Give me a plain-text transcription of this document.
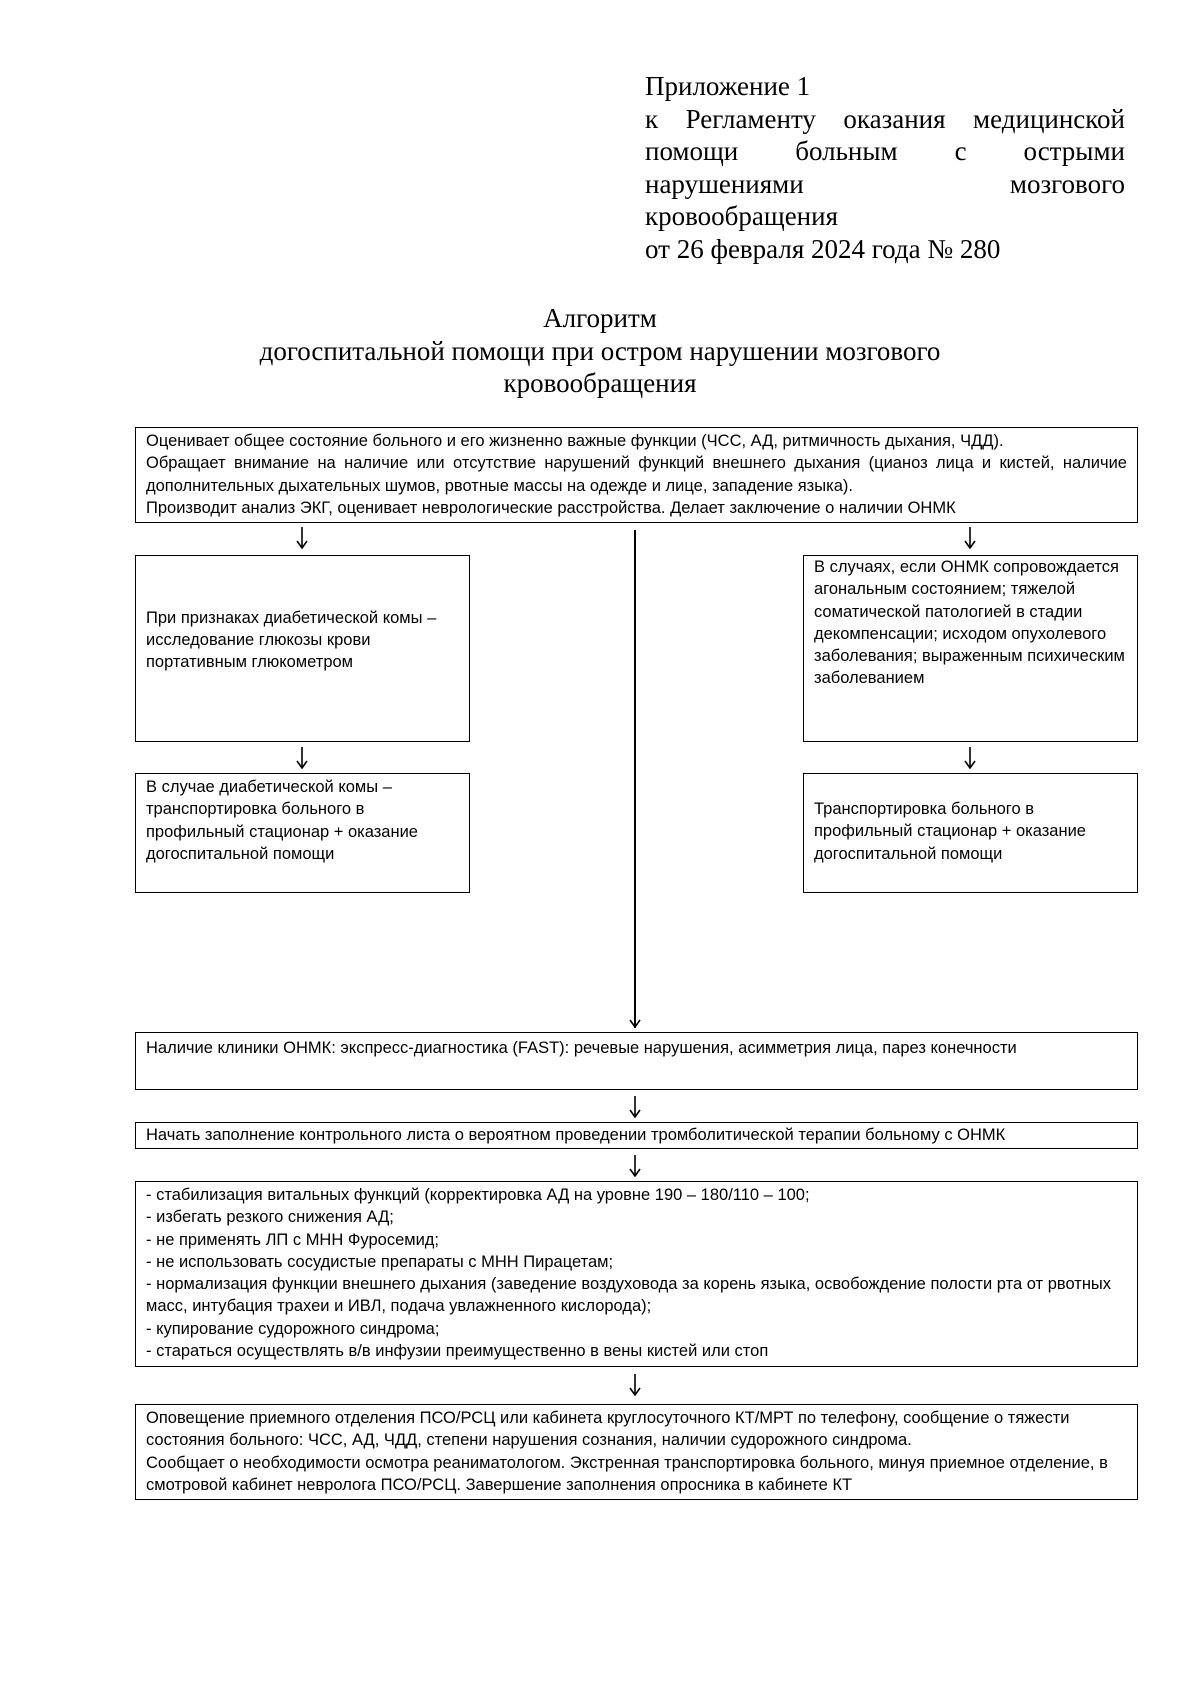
Приложение 1
к Регламенту оказания медицинской
помощи больным с острыми
нарушениями мозгового
кровообращения
от 26 февраля 2024 года № 280
Алгоритм
догоспитальной помощи при остром нарушении мозгового
кровообращения
Оценивает общее состояние больного и его жизненно важные функции (ЧСС, АД, ритмичность дыхания, ЧДД).
Обращает внимание на наличие или отсутствие нарушений функций внешнего дыхания (цианоз лица и кистей, наличие дополнительных дыхательных шумов, рвотные массы на одежде и лице, западение языка).
Производит анализ ЭКГ, оценивает неврологические расстройства. Делает заключение о наличии ОНМК
При признаках диабетической комы – исследование глюкозы крови портативным глюкометром
В случае диабетической комы – транспортировка больного в профильный стационар + оказание догоспитальной помощи
В случаях, если ОНМК сопровождается агональным состоянием; тяжелой соматической патологией в стадии декомпенсации; исходом опухолевого заболевания; выраженным психическим заболеванием
Транспортировка больного в профильный стационар + оказание догоспитальной помощи
Наличие клиники ОНМК: экспресс-диагностика (FAST): речевые нарушения, асимметрия лица, парез конечности
Начать заполнение контрольного листа о вероятном проведении тромболитической терапии больному с ОНМК
- стабилизация витальных функций (корректировка АД на уровне 190 – 180/110 – 100;
- избегать резкого снижения АД;
- не применять ЛП с МНН Фуросемид;
- не использовать сосудистые препараты с МНН Пирацетам;
- нормализация функции внешнего дыхания (заведение воздуховода за корень языка, освобождение полости рта от рвотных масс, интубация трахеи и ИВЛ, подача увлажненного кислорода);
- купирование судорожного синдрома;
- стараться осуществлять в/в инфузии преимущественно в вены кистей или стоп
Оповещение приемного отделения ПСО/РСЦ или кабинета круглосуточного КТ/МРТ по телефону, сообщение о тяжести состояния больного: ЧСС, АД, ЧДД, степени нарушения сознания, наличии судорожного синдрома.
Сообщает о необходимости осмотра реаниматологом. Экстренная транспортировка больного, минуя приемное отделение, в смотровой кабинет невролога ПСО/РСЦ. Завершение заполнения опросника в кабинете КТ
